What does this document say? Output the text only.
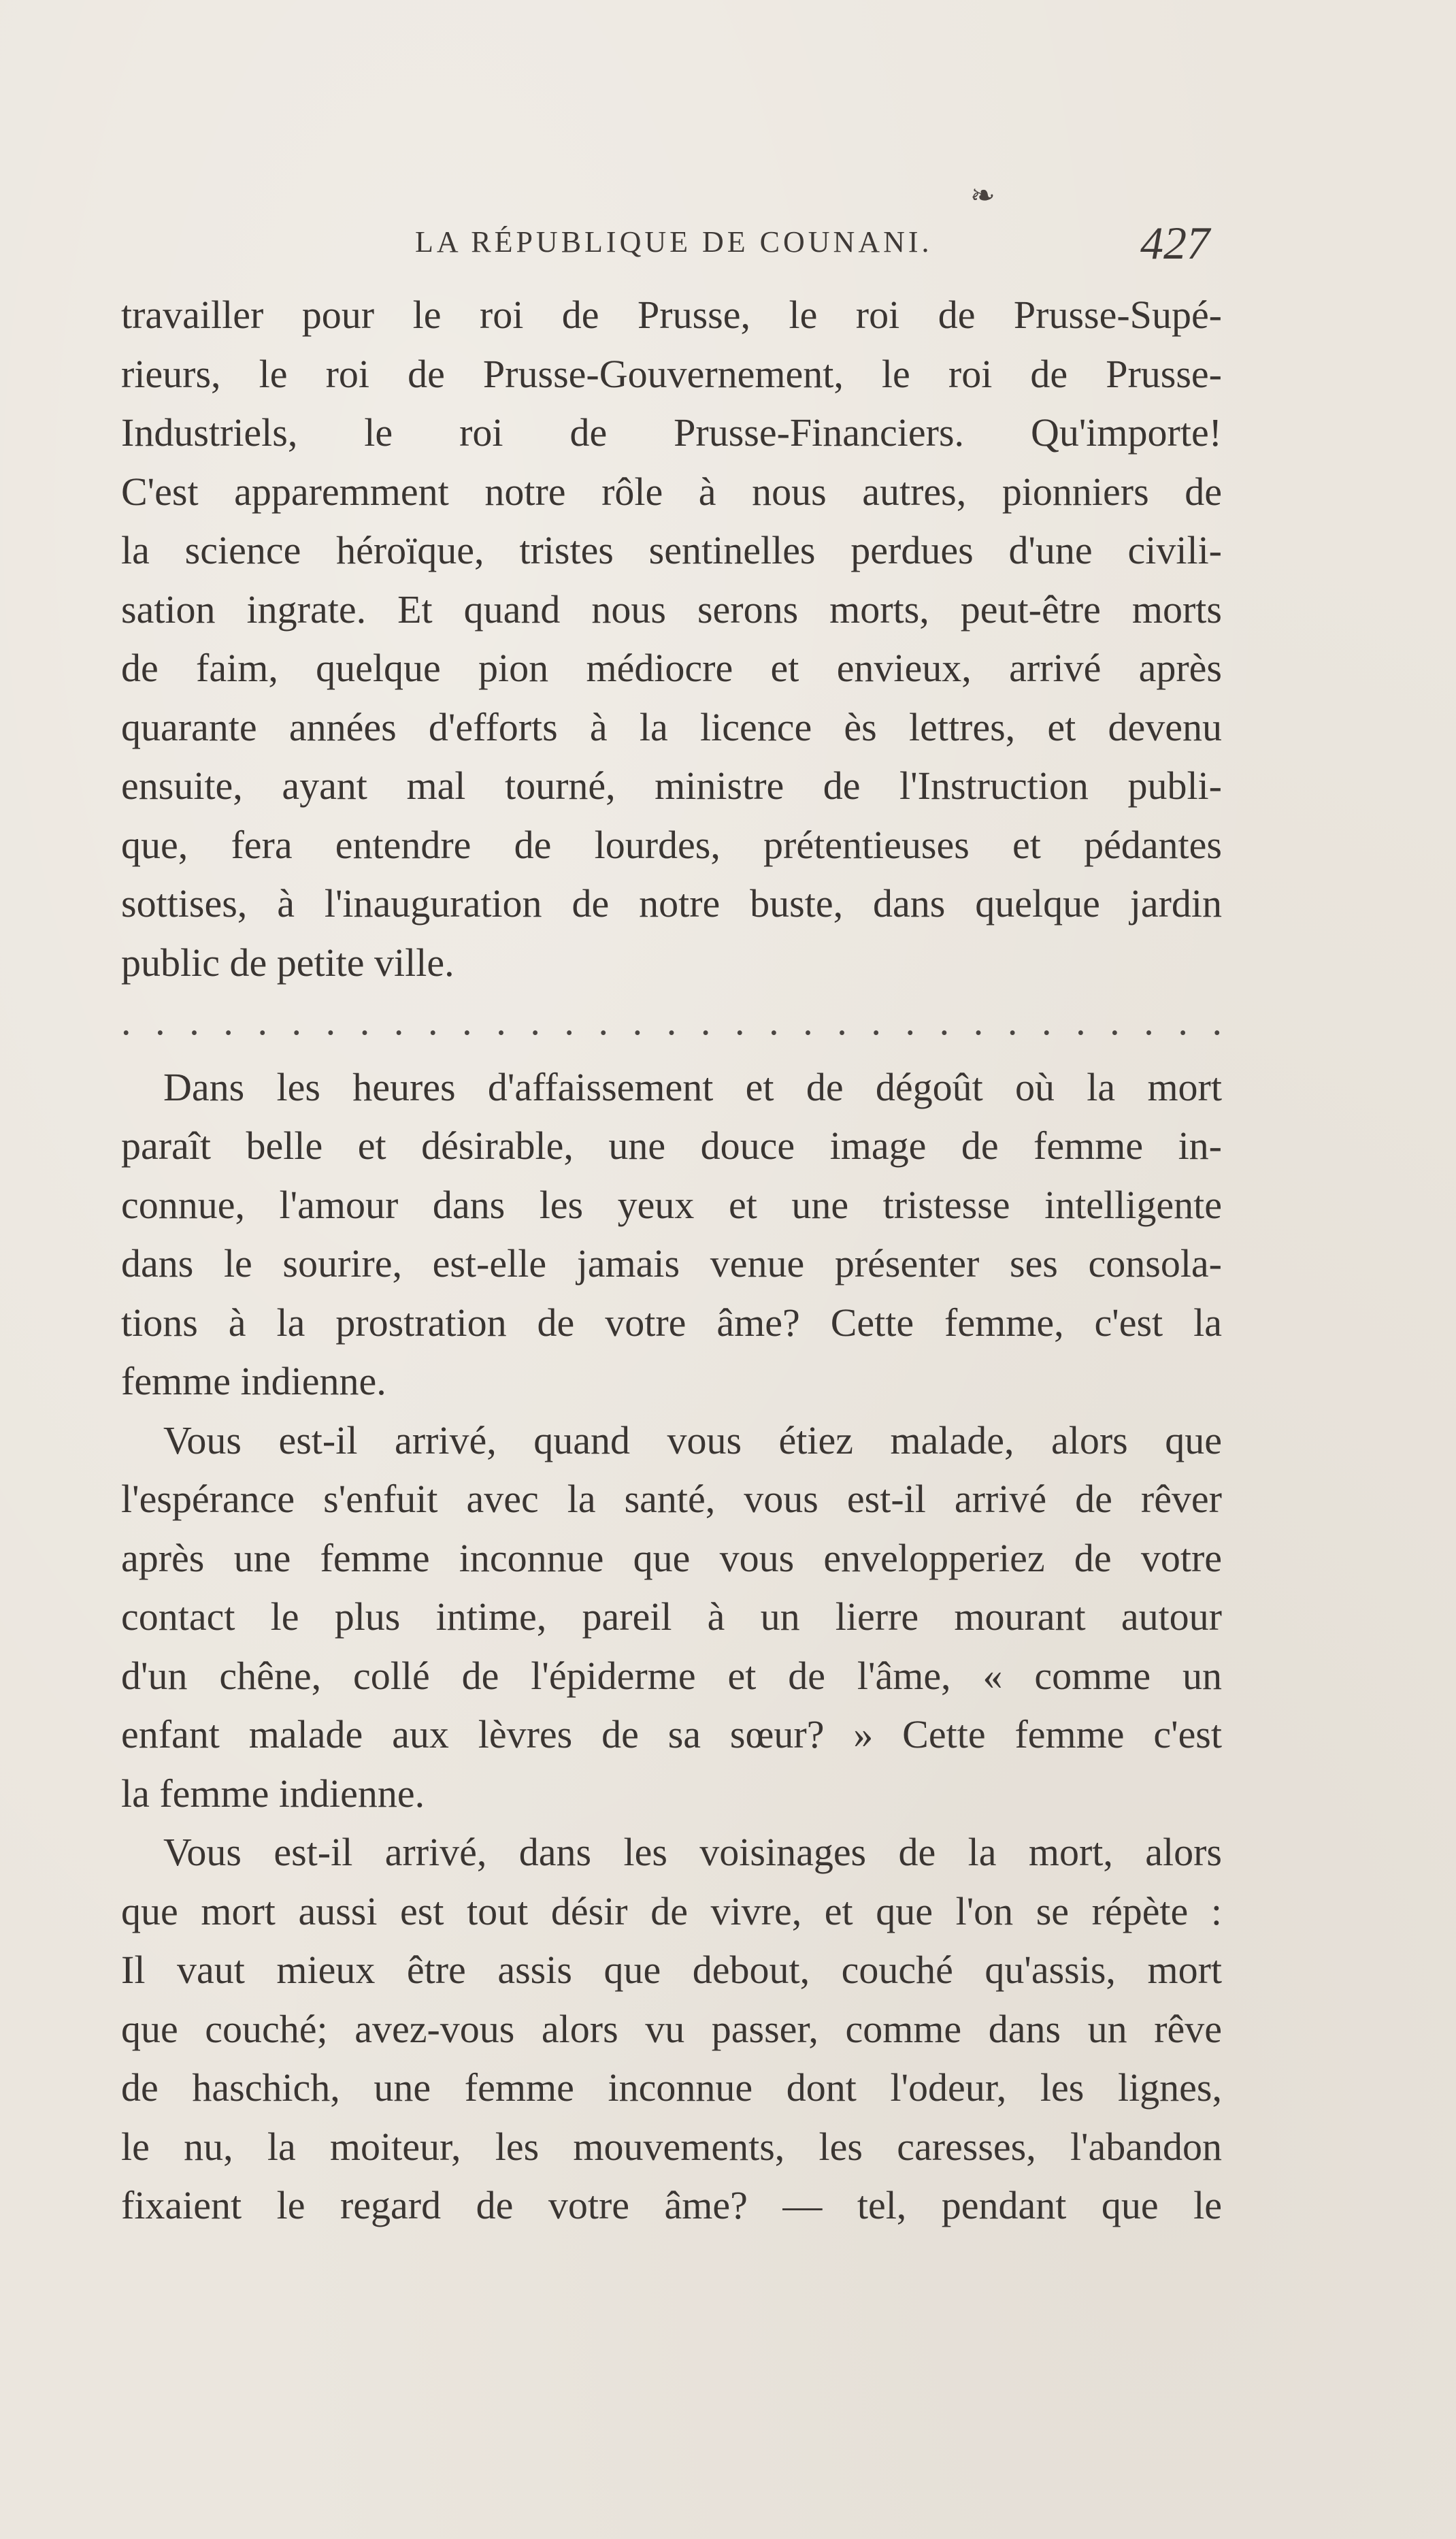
❧
LA RÉPUBLIQUE DE COUNANI.	427
travailler pour le roi de Prusse, le roi de Prusse-Supé-
rieurs, le roi de Prusse-Gouvernement, le roi de Prusse-
Industriels, le roi de Prusse-Financiers. Qu'importe!
C'est apparemment notre rôle à nous autres, pionniers de
la science héroïque, tristes sentinelles perdues d'une civili-
sation ingrate. Et quand nous serons morts, peut-être morts
de faim, quelque pion médiocre et envieux, arrivé après
quarante années d'efforts à la licence ès lettres, et devenu
ensuite, ayant mal tourné, ministre de l'Instruction publi-
que, fera entendre de lourdes, prétentieuses et pédantes
sottises, à l'inauguration de notre buste, dans quelque jardin
public de petite ville.
. . . . . . . . . . . . . . . . . . . . . . . . . . . . . . . . .
Dans les heures d'affaissement et de dégoût où la mort
paraît belle et désirable, une douce image de femme in-
connue, l'amour dans les yeux et une tristesse intelligente
dans le sourire, est-elle jamais venue présenter ses consola-
tions à la prostration de votre âme? Cette femme, c'est la
femme indienne.
Vous est-il arrivé, quand vous étiez malade, alors que
l'espérance s'enfuit avec la santé, vous est-il arrivé de rêver
après une femme inconnue que vous envelopperiez de votre
contact le plus intime, pareil à un lierre mourant autour
d'un chêne, collé de l'épiderme et de l'âme, « comme un
enfant malade aux lèvres de sa sœur? » Cette femme c'est
la femme indienne.
Vous est-il arrivé, dans les voisinages de la mort, alors
que mort aussi est tout désir de vivre, et que l'on se répète :
Il vaut mieux être assis que debout, couché qu'assis, mort
que couché; avez-vous alors vu passer, comme dans un rêve
de haschich, une femme inconnue dont l'odeur, les lignes,
le nu, la moiteur, les mouvements, les caresses, l'abandon
fixaient le regard de votre âme? — tel, pendant que le
